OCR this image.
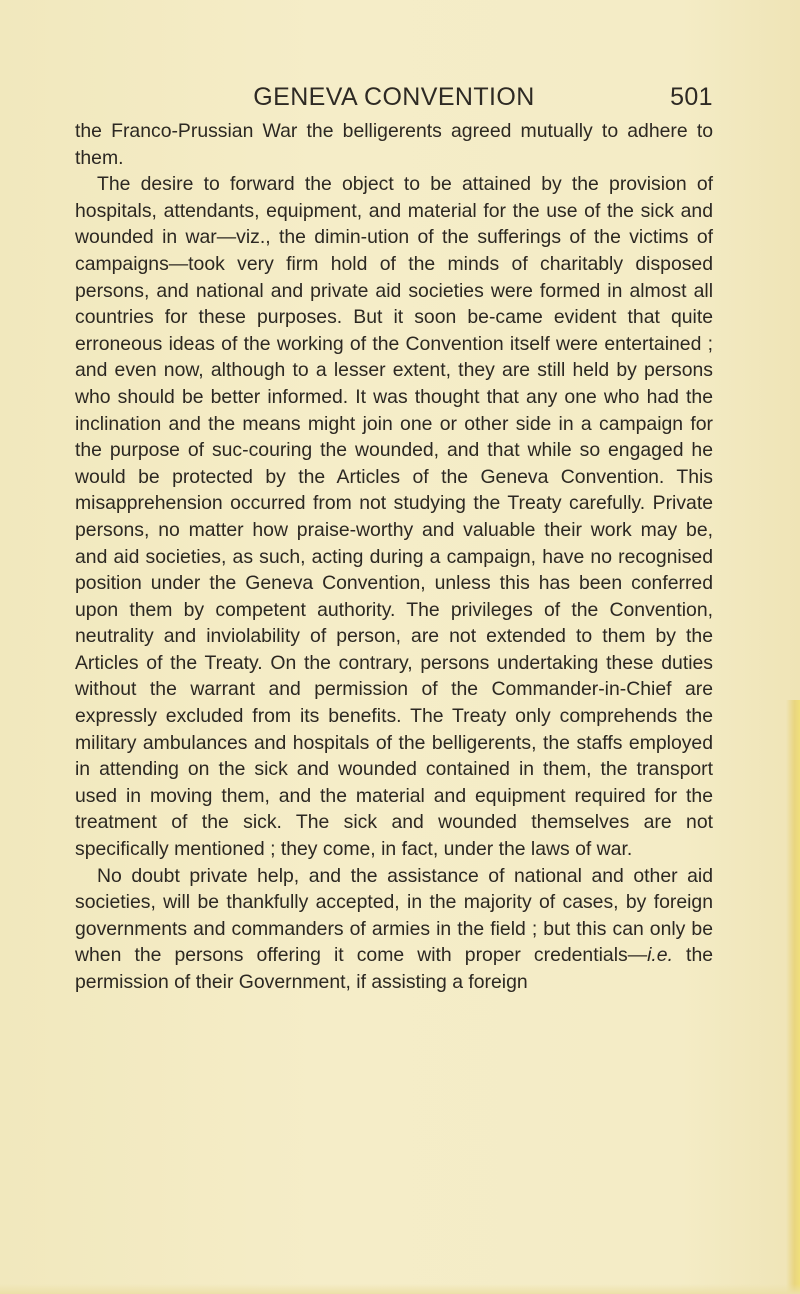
GENEVA CONVENTION	501

the Franco-Prussian War the belligerents agreed mutually to adhere to them.

The desire to forward the object to be attained by the provision of hospitals, attendants, equipment, and material for the use of the sick and wounded in war—viz., the dimin-ution of the sufferings of the victims of campaigns—took very firm hold of the minds of charitably disposed persons, and national and private aid societies were formed in almost all countries for these purposes. But it soon be-came evident that quite erroneous ideas of the working of the Convention itself were entertained ; and even now, although to a lesser extent, they are still held by persons who should be better informed. It was thought that any one who had the inclination and the means might join one or other side in a campaign for the purpose of suc-couring the wounded, and that while so engaged he would be protected by the Articles of the Geneva Convention. This misapprehension occurred from not studying the Treaty carefully. Private persons, no matter how praise-worthy and valuable their work may be, and aid societies, as such, acting during a campaign, have no recognised position under the Geneva Convention, unless this has been conferred upon them by competent authority. The privileges of the Convention, neutrality and inviolability of person, are not extended to them by the Articles of the Treaty. On the contrary, persons undertaking these duties without the warrant and permission of the Commander-in-Chief are expressly excluded from its benefits. The Treaty only comprehends the military ambulances and hospitals of the belligerents, the staffs employed in attending on the sick and wounded contained in them, the transport used in moving them, and the material and equipment required for the treatment of the sick. The sick and wounded themselves are not specifically mentioned ; they come, in fact, under the laws of war.

No doubt private help, and the assistance of national and other aid societies, will be thankfully accepted, in the majority of cases, by foreign governments and commanders of armies in the field ; but this can only be when the persons offering it come with proper credentials—i.e. the permission of their Government, if assisting a foreign
